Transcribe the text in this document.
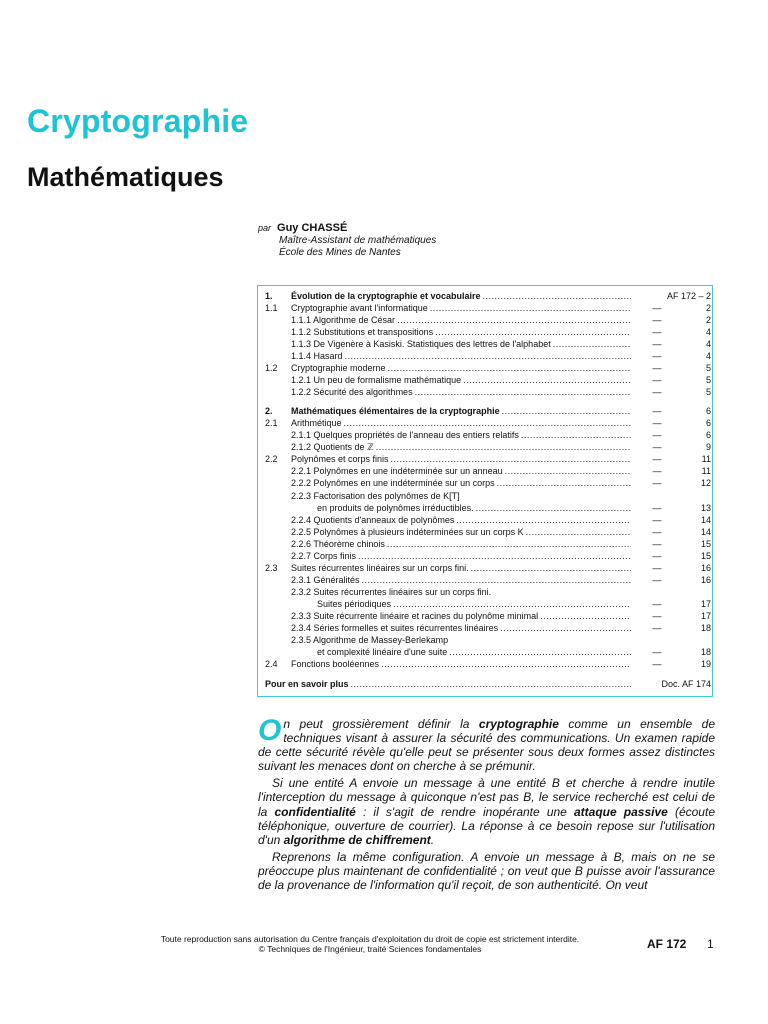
Cryptographie
Mathématiques
par Guy CHASSÉ
Maître-Assistant de mathématiques
École des Mines de Nantes
1.	Évolution de la cryptographie et vocabulaire .....	AF 172 – 2
1.1	Cryptographie avant l'informatique .....	—	2
1.1.1 Algorithme de César .....	—	2
1.1.2 Substitutions et transpositions .....	—	4
1.1.3 De Vigenère à Kasiski. Statistiques des lettres de l'alphabet .....	—	4
1.1.4 Hasard .....	—	4
1.2	Cryptographie moderne .....	—	5
1.2.1 Un peu de formalisme mathématique .....	—	5
1.2.2 Sécurité des algorithmes .....	—	5
2.	Mathématiques élémentaires de la cryptographie .....	—	6
2.1	Arithmétique .....	—	6
2.1.1 Quelques propriétés de l'anneau des entiers relatifs .....	—	6
2.1.2 Quotients de ℤ .....	—	9
2.2	Polynômes et corps finis .....	—	11
2.2.1 Polynômes en une indéterminée sur un anneau .....	—	11
2.2.2 Polynômes en une indéterminée sur un corps .....	—	12
2.2.3 Factorisation des polynômes de K[T]
en produits de polynômes irréductibles. .....	—	13
2.2.4 Quotients d'anneaux de polynômes .....	—	14
2.2.5 Polynômes à plusieurs indéterminées sur un corps K .....	—	14
2.2.6 Théorème chinois .....	—	15
2.2.7 Corps finis .....	—	15
2.3	Suites récurrentes linéaires sur un corps fini. .....	—	16
2.3.1 Généralités .....	—	16
2.3.2 Suites récurrentes linéaires sur un corps fini.
Suites périodiques .....	—	17
2.3.3 Suite récurrente linéaire et racines du polynôme minimal .....	—	17
2.3.4 Séries formelles et suites récurrentes linéaires .....	—	18
2.3.5 Algorithme de Massey-Berlekamp
et complexité linéaire d'une suite .....	—	18
2.4	Fonctions booléennes .....	—	19
Pour en savoir plus .....	Doc. AF 174

On peut grossièrement définir la cryptographie comme un ensemble de techniques visant à assurer la sécurité des communications. Un examen rapide de cette sécurité révèle qu'elle peut se présenter sous deux formes assez distinctes suivant les menaces dont on cherche à se prémunir.

Si une entité A envoie un message à une entité B et cherche à rendre inutile l'interception du message à quiconque n'est pas B, le service recherché est celui de la confidentialité : il s'agit de rendre inopérante une attaque passive (écoute téléphonique, ouverture de courrier). La réponse à ce besoin repose sur l'utilisation d'un algorithme de chiffrement.

Reprenons la même configuration. A envoie un message à B, mais on ne se préoccupe plus maintenant de confidentialité ; on veut que B puisse avoir l'assurance de la provenance de l'information qu'il reçoit, de son authenticité. On veut

Toute reproduction sans autorisation du Centre français d'exploitation du droit de copie est strictement interdite.
© Techniques de l'Ingénieur, traité Sciences fondamentales	AF 172 1
